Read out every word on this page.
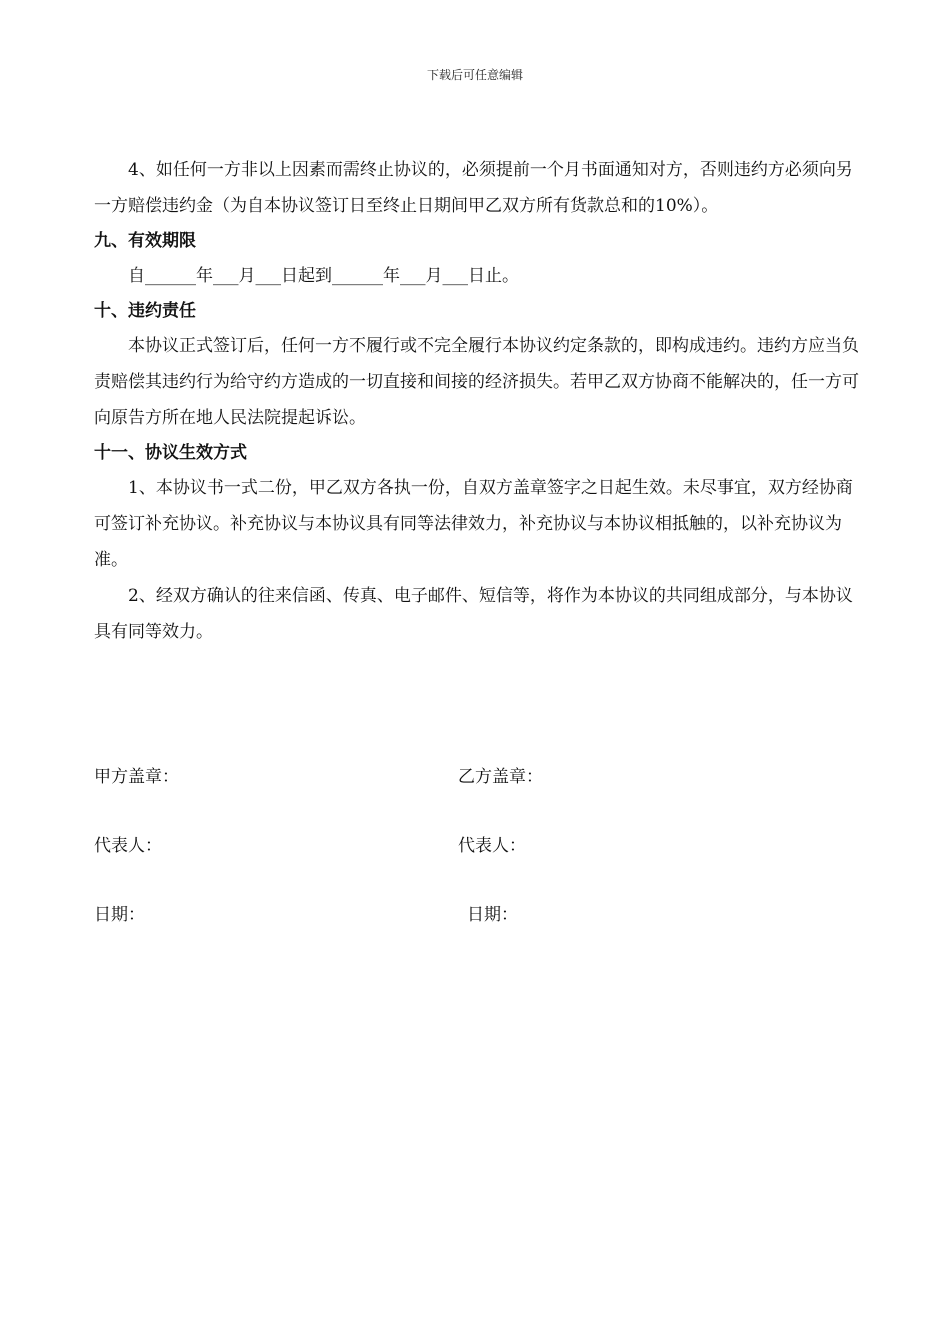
下载后可任意编辑

4、如任何一方非以上因素而需终止协议的，必须提前一个月书面通知对方，否则违约方必须向另一方赔偿违约金（为自本协议签订日至终止日期间甲乙双方所有货款总和的10%）。

九、有效期限

自______年___月___日起到______年___月___日止。

十、违约责任

本协议正式签订后，任何一方不履行或不完全履行本协议约定条款的，即构成违约。违约方应当负责赔偿其违约行为给守约方造成的一切直接和间接的经济损失。若甲乙双方协商不能解决的，任一方可向原告方所在地人民法院提起诉讼。

十一、协议生效方式

1、本协议书一式二份，甲乙双方各执一份，自双方盖章签字之日起生效。未尽事宜，双方经协商可签订补充协议。补充协议与本协议具有同等法律效力，补充协议与本协议相抵触的，以补充协议为准。

2、经双方确认的往来信函、传真、电子邮件、短信等，将作为本协议的共同组成部分，与本协议具有同等效力。

甲方盖章：	乙方盖章：
代表人：	代表人：
日期：	日期：
